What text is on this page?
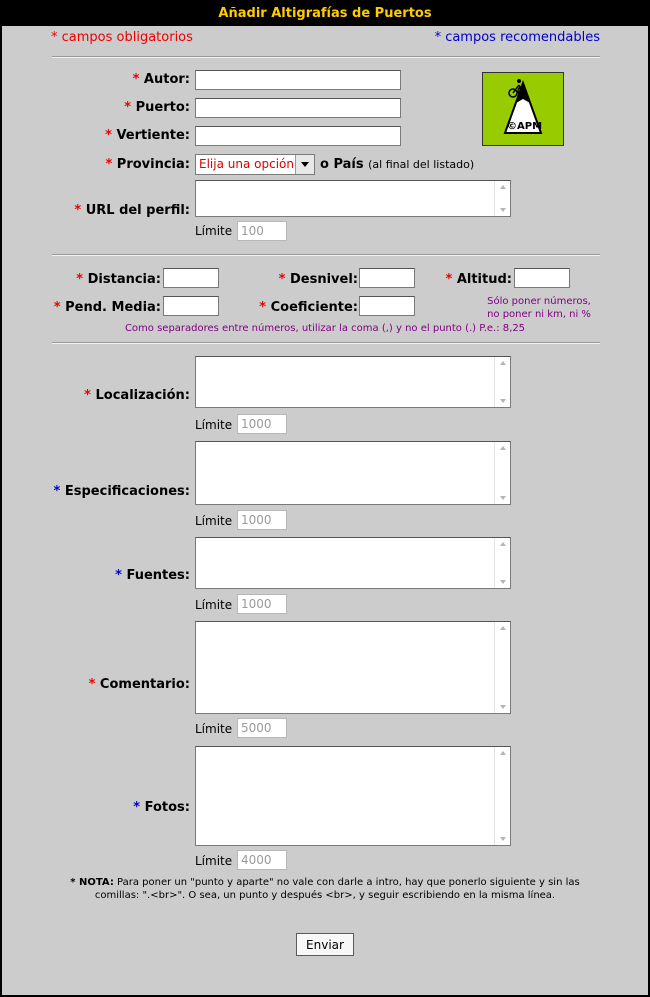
Añadir Altigrafías de Puertos
* campos obligatorios	* campos recomendables
* Autor:
* Puerto:
* Vertiente:
©APM
* Provincia: Elija una opción	o País (al final del listado)
* URL del perfil:
Límite 100
* Distancia:	* Desnivel:	* Altitud:
* Pend. Media:	* Coeficiente:	Sólo poner números,
no poner ni km, ni %
Como separadores entre números, utilizar la coma (,) y no el punto (.) P.e.: 8,25
* Localización:
Límite 1000
* Especificaciones:
Límite 1000
* Fuentes:
Límite 1000
* Comentario:
Límite 5000
* Fotos:
Límite 4000
* NOTA: Para poner un "punto y aparte" no vale con darle a intro, hay que ponerlo siguiente y sin las comillas: ".<br>". O sea, un punto y después <br>, y seguir escribiendo en la misma línea.
Enviar
